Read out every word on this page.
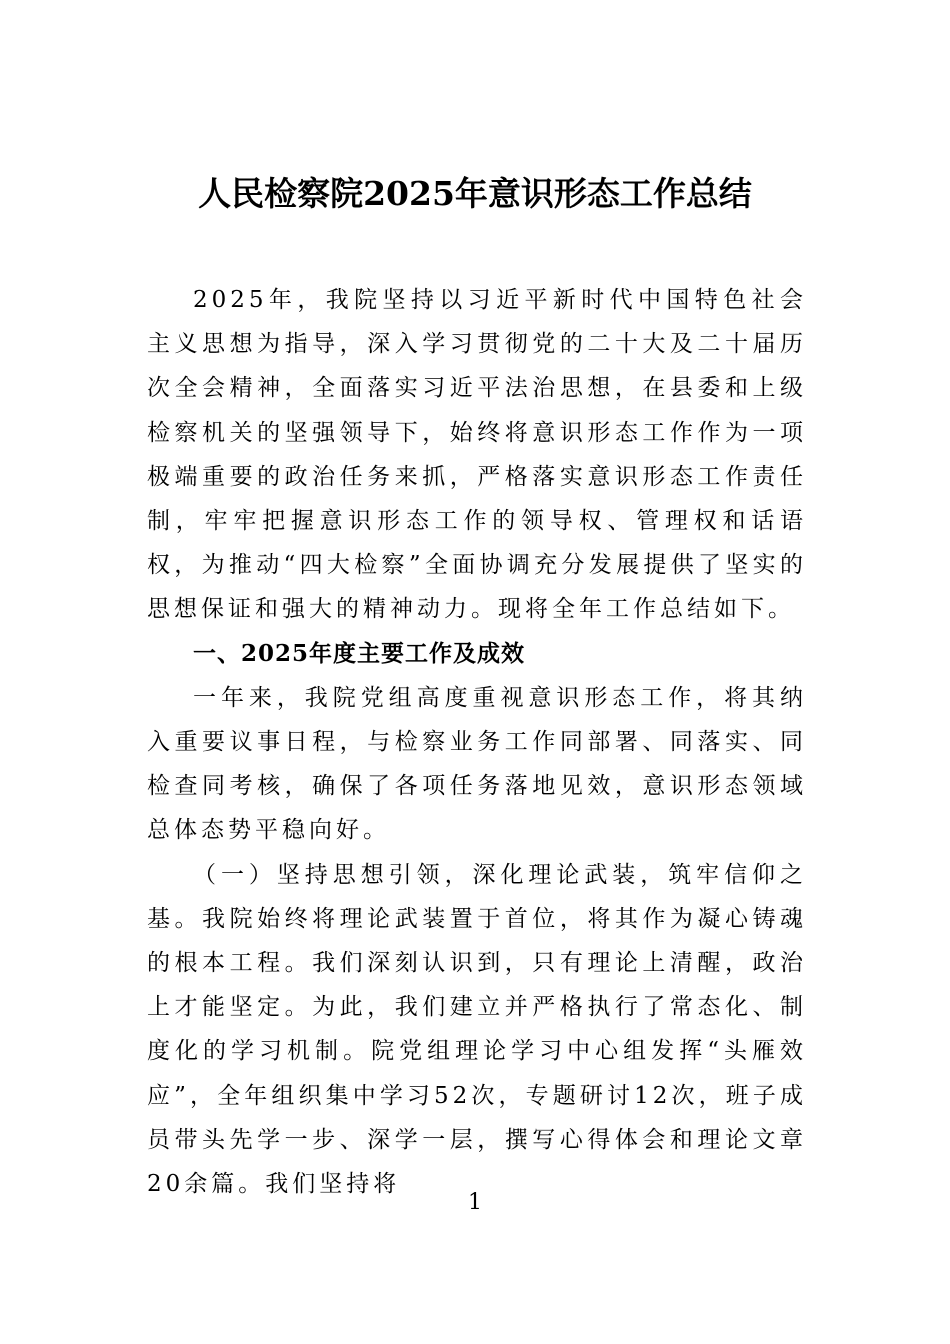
人民检察院2025年意识形态工作总结

2025年，我院坚持以习近平新时代中国特色社会主义思想为指导，深入学习贯彻党的二十大及二十届历次全会精神，全面落实习近平法治思想，在县委和上级检察机关的坚强领导下，始终将意识形态工作作为一项极端重要的政治任务来抓，严格落实意识形态工作责任制，牢牢把握意识形态工作的领导权、管理权和话语权，为推动“四大检察”全面协调充分发展提供了坚实的思想保证和强大的精神动力。现将全年工作总结如下。

一、2025年度主要工作及成效

一年来，我院党组高度重视意识形态工作，将其纳入重要议事日程，与检察业务工作同部署、同落实、同检查同考核，确保了各项任务落地见效，意识形态领域总体态势平稳向好。

（一）坚持思想引领，深化理论武装，筑牢信仰之基。我院始终将理论武装置于首位，将其作为凝心铸魂的根本工程。我们深刻认识到，只有理论上清醒，政治上才能坚定。为此，我们建立并严格执行了常态化、制度化的学习机制。院党组理论学习中心组发挥“头雁效应”，全年组织集中学习52次，专题研讨12次，班子成员带头先学一步、深学一层，撰写心得体会和理论文章20余篇。我们坚持将

1
